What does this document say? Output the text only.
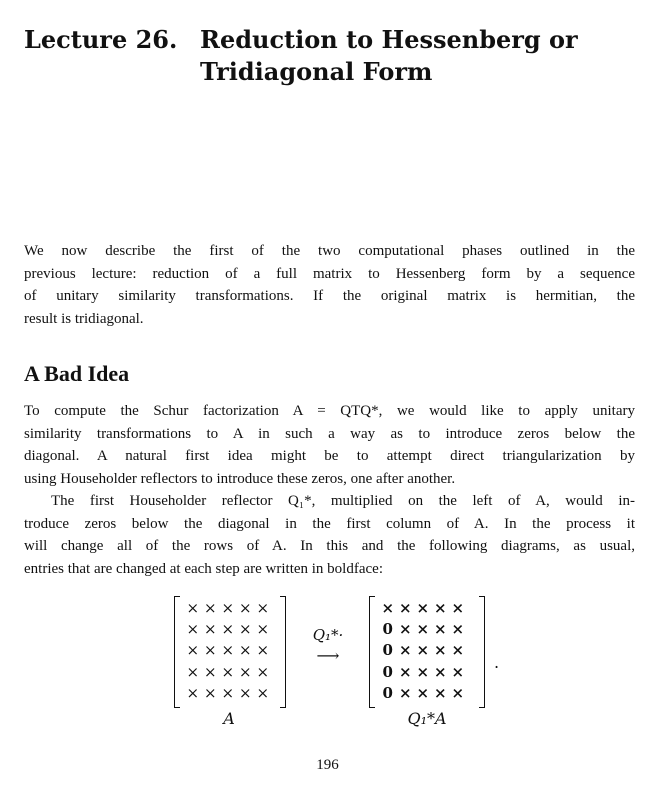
Lecture 26. Reduction to Hessenberg or
Tridiagonal Form
We now describe the first of the two computational phases outlined in the
previous lecture: reduction of a full matrix to Hessenberg form by a sequence
of unitary similarity transformations. If the original matrix is hermitian, the
result is tridiagonal.
A Bad Idea
To compute the Schur factorization A = QTQ*, we would like to apply unitary
similarity transformations to A in such a way as to introduce zeros below the
diagonal. A natural first idea might be to attempt direct triangularization by
using Householder reflectors to introduce these zeros, one after another.
The first Householder reflector Q₁*, multiplied on the left of A, would in-
troduce zeros below the diagonal in the first column of A. In the process it
will change all of the rows of A. In this and the following diagrams, as usual,
entries that are changed at each step are written in boldface:
× × × × ×
× × × × ×
× × × × ×
× × × × ×
× × × × ×
A
Q₁*·
⟶
× × × × ×
0 × × × ×
0 × × × ×
0 × × × ×
0 × × × ×
Q₁*A
.
196
